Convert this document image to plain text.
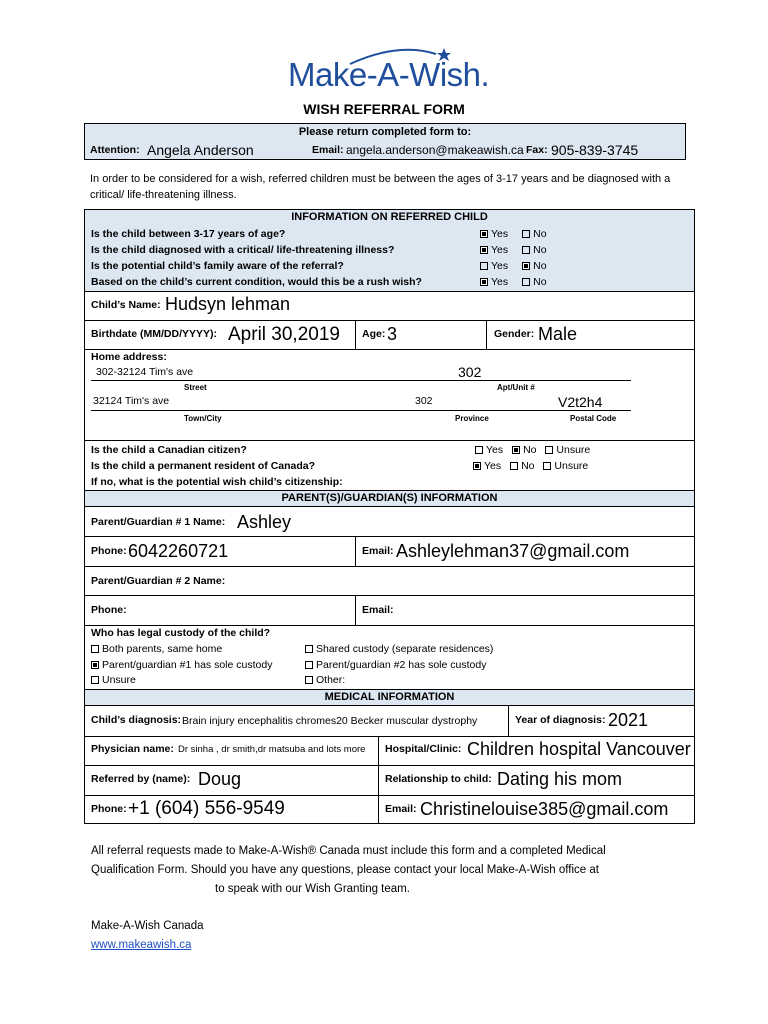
Make-A-Wish.
WISH REFERRAL FORM
Please return completed form to:
Attention: Angela Anderson	Email: angela.anderson@makeawish.ca Fax: 905-839-3745
In order to be considered for a wish, referred children must be between the ages of 3-17 years and be diagnosed with a critical/ life-threatening illness.
INFORMATION ON REFERRED CHILD
Is the child between 3-17 years of age?	Yes No
Is the child diagnosed with a critical/ life-threatening illness?	Yes No
Is the potential child’s family aware of the referral?	Yes No
Based on the child’s current condition, would this be a rush wish?	Yes No
Child’s Name: Hudsyn lehman
Birthdate (MM/DD/YYYY): April 30,2019 Age: 3	Gender: Male
Home address:
302-32124 Tim's ave	302
Street	Apt/Unit #
32124 Tim's ave	302	V2t2h4
Town/City	Province	Postal Code
Is the child a Canadian citizen?	Yes No Unsure
Is the child a permanent resident of Canada?	Yes No Unsure
If no, what is the potential wish child’s citizenship:
PARENT(S)/GUARDIAN(S) INFORMATION
Parent/Guardian # 1 Name: Ashley
Phone: 6042260721	Email: Ashleylehman37@gmail.com
Parent/Guardian # 2 Name:
Phone:	Email:
Who has legal custody of the child?
Both parents, same home	Shared custody (separate residences)
Parent/guardian #1 has sole custody	Parent/guardian #2 has sole custody
Unsure	Other:
MEDICAL INFORMATION
Child’s diagnosis: Brain injury encephalitis chromes20 Becker muscular dystrophy	Year of diagnosis: 2021
Physician name: Dr sinha , dr smith,dr matsuba and lots more Hospital/Clinic: Children hospital Vancouver
Referred by (name): Doug	Relationship to child: Dating his mom
Phone: +1 (604) 556-9549	Email: Christinelouise385@gmail.com
All referral requests made to Make-A-Wish® Canada must include this form and a completed Medical
Qualification Form. Should you have any questions, please contact your local Make-A-Wish office at
to speak with our Wish Granting team.
Make-A-Wish Canada
www.makeawish.ca
